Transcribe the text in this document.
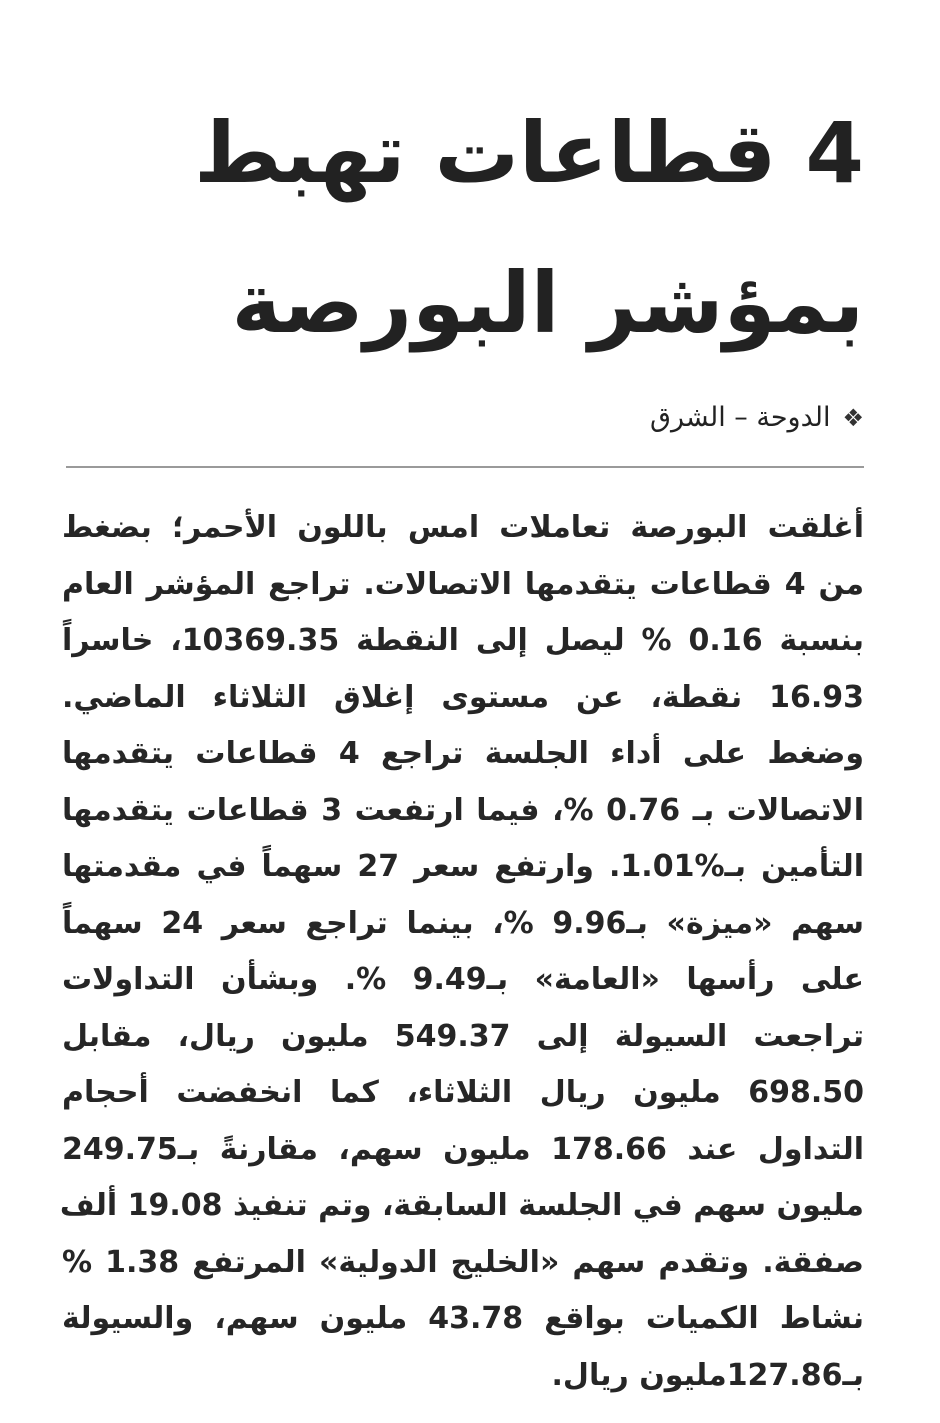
4 قطاعات تهبط
بمؤشر البورصة
❖
الدوحة – الشرق
أغلقت البورصة تعاملات امس باللون الأحمر؛ بضغط
من 4 قطاعات يتقدمها الاتصالات. تراجع المؤشر العام
بنسبة 0.16 % ليصل إلى النقطة 10369.35، خاسراً
16.93 نقطة، عن مستوى إغلاق الثلاثاء الماضي.
وضغط على أداء الجلسة تراجع 4 قطاعات يتقدمها
الاتصالات بـ 0.76 %، فيما ارتفعت 3 قطاعات يتقدمها
التأمين بـ%1.01. وارتفع سعر 27 سهماً في مقدمتها
سهم «ميزة» بـ9.96 %، بينما تراجع سعر 24 سهماً
على رأسها «العامة» بـ9.49 %. وبشأن التداولات
تراجعت السيولة إلى 549.37 مليون ريال، مقابل
698.50 مليون ريال الثلاثاء، كما انخفضت أحجام
التداول عند 178.66 مليون سهم، مقارنةً بـ249.75
مليون سهم في الجلسة السابقة، وتم تنفيذ 19.08 ألف
صفقة. وتقدم سهم «الخليج الدولية» المرتفع 1.38 %
نشاط الكميات بواقع 43.78 مليون سهم، والسيولة
بـ127.86مليون ريال.
